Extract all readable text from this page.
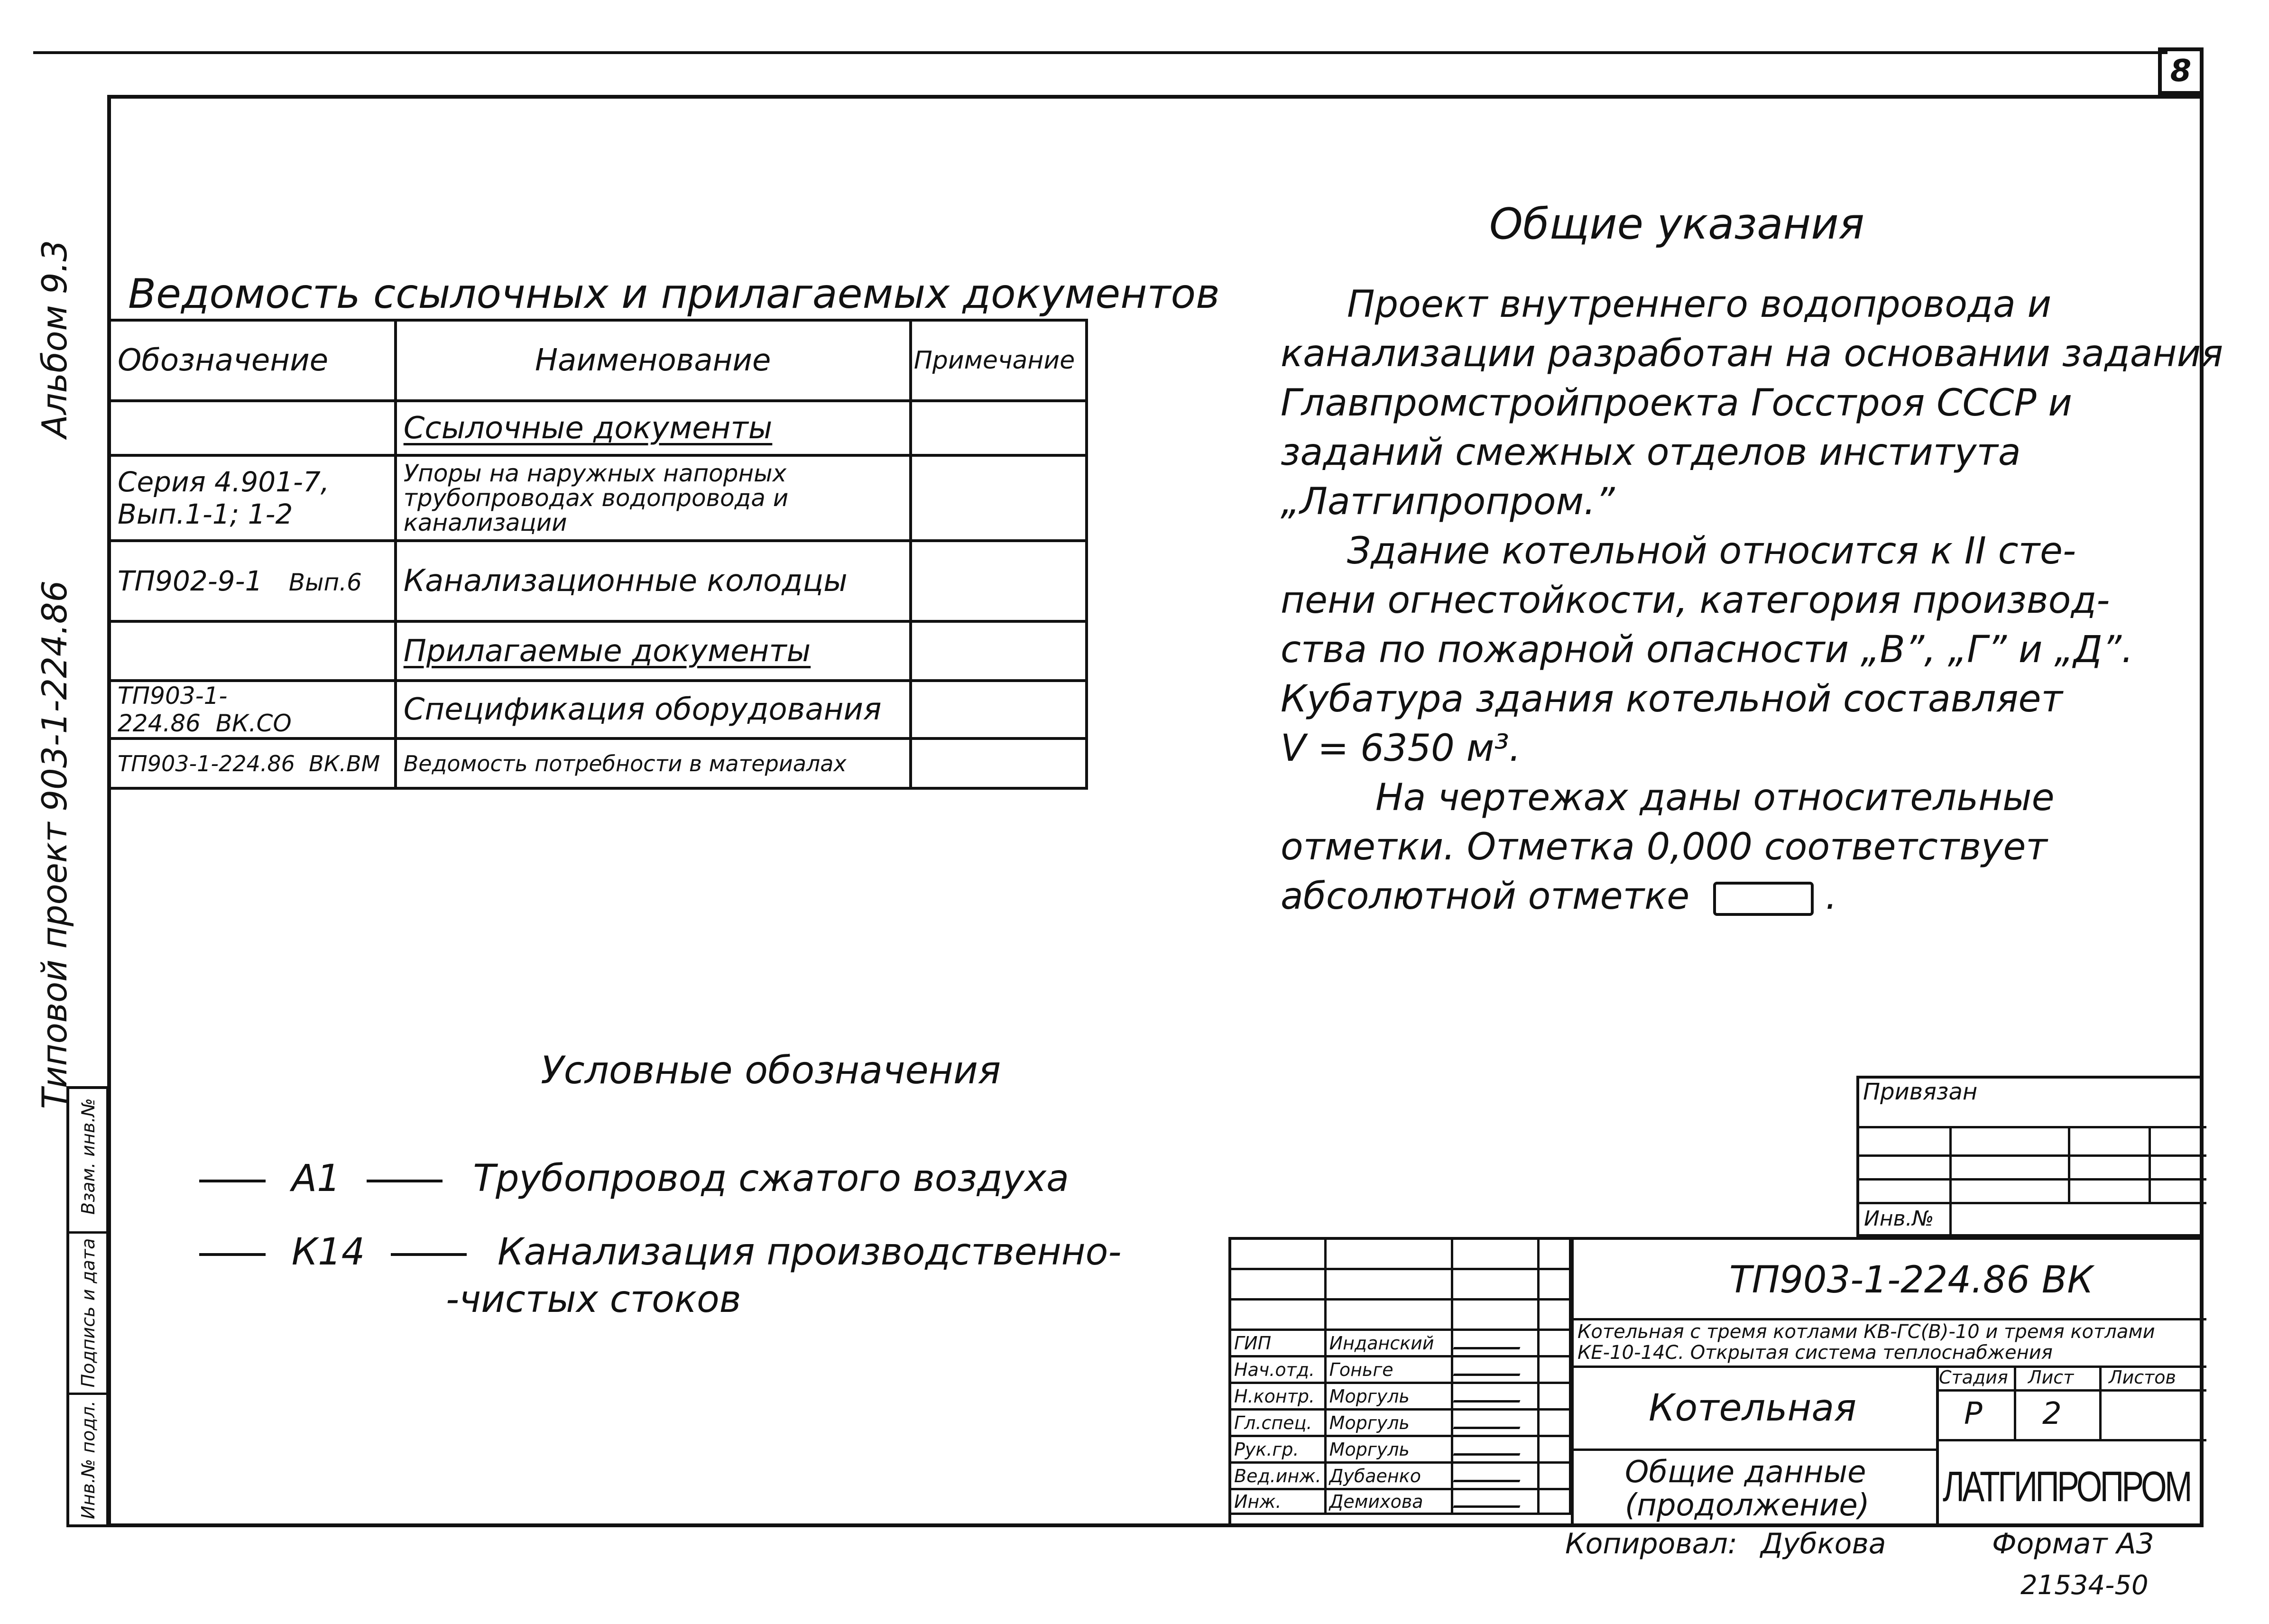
8
Типовой проект 903-1-224.86
Альбом 9.3
Взам. инв.№
Подпись и дата
Инв.№ подл.
Ведомость ссылочных и прилагаемых документов
Обозначение	Наименование	Примечание
	Ссылочные документы	
Серия 4.901-7, Вып.1-1; 1-2	Упоры на наружных напорных трубопроводах водопровода и канализации	
ТП902-9-1 Вып.6	Канализационные колодцы	
	Прилагаемые документы	
ТП903-1-224.86 ВК.СО	Спецификация оборудования	
ТП903-1-224.86 ВК.ВМ	Ведомость потребности в материалах	
Общие указания
Проект внутреннего водопровода и
канализации разработан на основании задания
Главпромстройпроекта Госстроя СССР и
заданий смежных отделов института
„Латгипропром.”
Здание котельной относится к II сте-
пени огнестойкости, категория производ-
ства по пожарной опасности „В”, „Г” и „Д”.
Кубатура здания котельной составляет
V = 6350 м³.
На чертежах даны относительные
отметки. Отметка 0,000 соответствует
абсолютной отметке	.
Условные обозначения
А1	Трубопровод сжатого воздуха
К14	Канализация производственно-
-чистых стоков
Привязан
Инв.№

ГИП	Инданский		
Нач.отд.	Гоньге		
Н.контр.	Моргуль		
Гл.спец.	Моргуль		
Рук.гр.	Моргуль		
Вед.инж.	Дубаенко		
Инж.	Демихова		
ТП903-1-224.86 ВК
Котельная с тремя котлами КВ-ГС(В)-10 и тремя котлами КЕ-10-14С. Открытая система теплоснабжения
Котельная
Общие данные (продолжение)
Стадия Лист Листов
Р 2
ЛАТГИПРОПРОМ
Копировал: Дубкова	Формат А3
21534-50
